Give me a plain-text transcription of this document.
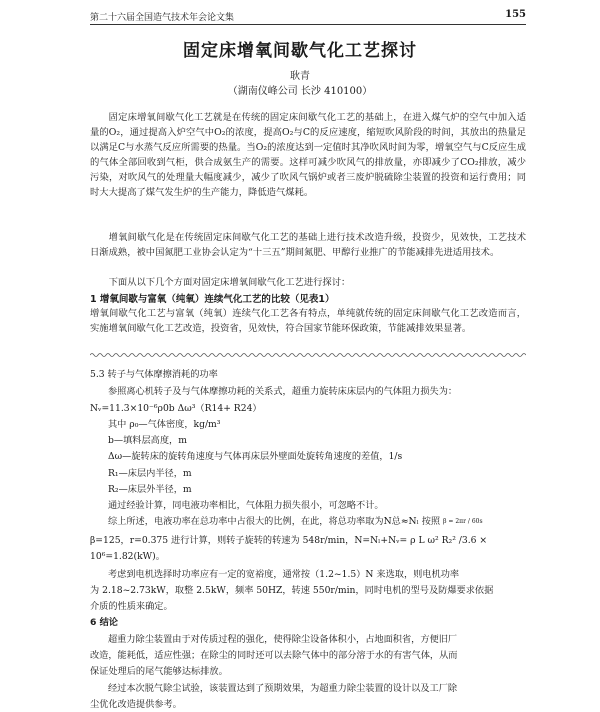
第二十六届全国造气技术年会论文集	155
固定床增氧间歇气化工艺探讨
耿青
（湖南仪峰公司 长沙 410100）

固定床增氧间歇气化工艺就是在传统的固定床间歇气化工艺的基础上，在进入煤气炉的空气中加入适量的O₂，通过提高入炉空气中O₂的浓度，提高O₂与C的反应速度，缩短吹风阶段的时间，其放出的热量足以满足C与水蒸气反应所需要的热量。当O₂的浓度达到一定值时其净吹风时间为零，增氧空气与C反应生成的气体全部回收到气柜，供合成氨生产的需要。这样可减少吹风气的排放量，亦即减少了CO₂排放，减少污染，对吹风气的处理量大幅度减少，减少了吹风气锅炉或者三废炉脱硫除尘装置的投资和运行费用；同时大大提高了煤气发生炉的生产能力，降低造气煤耗。

增氧间歇气化是在传统固定床间歇气化工艺的基础上进行技术改造升级，投资少，见效快，工艺技术日渐成熟，被中国氮肥工业协会认定为“十三五”期间氮肥、甲醇行业推广的节能减排先进适用技术。

下面从以下几个方面对固定床增氧间歇气化工艺进行探讨：

1 增氧间歇与富氧（纯氧）连续气化工艺的比较（见表1）

增氧间歇气化工艺与富氧（纯氧）连续气化工艺各有特点，单纯就传统的固定床间歇气化工艺改造而言，实施增氧间歇气化工艺改造，投资省，见效快，符合国家节能环保政策，节能减排效果显著。

5.3 转子与气体摩擦消耗的功率
参照离心机转子及与气体摩擦功耗的关系式，超重力旋转床床层内的气体阻力损失为：
Nᵥ=11.3×10⁻⁶ρ0b Δω³（R14+ R24）
其中 ρ₀—气体密度，kg/m³
b—填料层高度，m
Δω—旋转床的旋转角速度与气体再床层外壁面处旋转角速度的差值，1/s
R₁—床层内半径，m
R₂—床层外半径，m
通过经验计算，同电液功率相比，气体阻力损失很小，可忽略不计。
综上所述，电液功率在总功率中占很大的比例，在此，将总功率取为N总≈Nₗ 按照 β = 2πr / 60s
β=125，r=0.375 进行计算，则转子旋转的转速为 548r/min，N=Nₗ+Nᵥ= ρ L ω² R₂² /3.6 ×
10⁶=1.82(kW)。
考虑到电机选择时功率应有一定的宽裕度，通常按（1.2~1.5）N 来选取，则电机功率
为 2.18~2.73kW，取整 2.5kW，频率 50HZ，转速 550r/min，同时电机的型号及防爆要求依据
介质的性质来确定。
6 结论
超重力除尘装置由于对传质过程的强化，使得除尘设备体积小，占地面积省，方便旧厂
改造，能耗低，适应性强；在除尘的同时还可以去除气体中的部分溶于水的有害气体，从而
保证处理后的尾气能够达标排放。
经过本次脱气除尘试验，该装置达到了预期效果，为超重力除尘装置的设计以及工厂除
尘优化改造提供参考。
